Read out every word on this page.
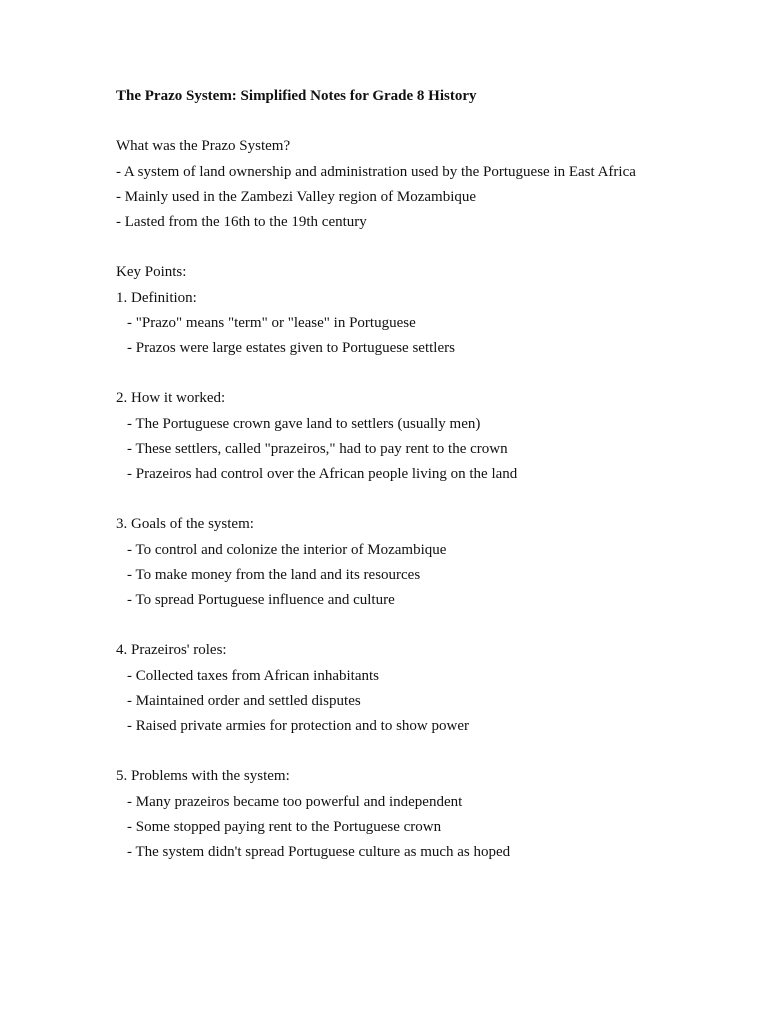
The Prazo System: Simplified Notes for Grade 8 History

What was the Prazo System?

- A system of land ownership and administration used by the Portuguese in East Africa

- Mainly used in the Zambezi Valley region of Mozambique

- Lasted from the 16th to the 19th century

Key Points:

1. Definition:

- "Prazo" means "term" or "lease" in Portuguese

- Prazos were large estates given to Portuguese settlers

2. How it worked:

- The Portuguese crown gave land to settlers (usually men)

- These settlers, called "prazeiros," had to pay rent to the crown

- Prazeiros had control over the African people living on the land

3. Goals of the system:

- To control and colonize the interior of Mozambique

- To make money from the land and its resources

- To spread Portuguese influence and culture

4. Prazeiros' roles:

- Collected taxes from African inhabitants

- Maintained order and settled disputes

- Raised private armies for protection and to show power

5. Problems with the system:

- Many prazeiros became too powerful and independent

- Some stopped paying rent to the Portuguese crown

- The system didn't spread Portuguese culture as much as hoped
